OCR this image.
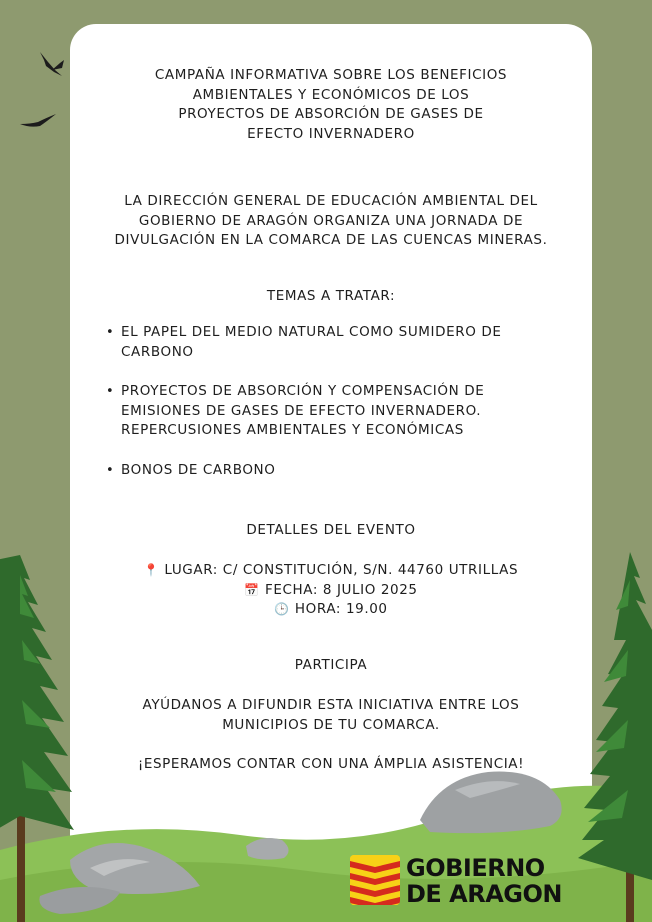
CAMPAÑA INFORMATIVA SOBRE LOS BENEFICIOS
AMBIENTALES Y ECONÓMICOS DE LOS
PROYECTOS DE ABSORCIÓN DE GASES DE
EFECTO INVERNADERO

LA DIRECCIÓN GENERAL DE EDUCACIÓN AMBIENTAL DEL
GOBIERNO DE ARAGÓN ORGANIZA UNA JORNADA DE
DIVULGACIÓN EN LA COMARCA DE LAS CUENCAS MINERAS.

TEMAS A TRATAR:

• EL PAPEL DEL MEDIO NATURAL COMO SUMIDERO DE
CARBONO
• PROYECTOS DE ABSORCIÓN Y COMPENSACIÓN DE
EMISIONES DE GASES DE EFECTO INVERNADERO.
REPERCUSIONES AMBIENTALES Y ECONÓMICAS
• BONOS DE CARBONO

DETALLES DEL EVENTO

📍 LUGAR: C/ CONSTITUCIÓN, S/N. 44760 UTRILLAS
📅 FECHA: 8 JULIO 2025
🕒 HORA: 19.00

PARTICIPA

AYÚDANOS A DIFUNDIR ESTA INICIATIVA ENTRE LOS
MUNICIPIOS DE TU COMARCA.

¡ESPERAMOS CONTAR CON UNA ÁMPLIA ASISTENCIA!

GOBIERNO
DE ARAGON
